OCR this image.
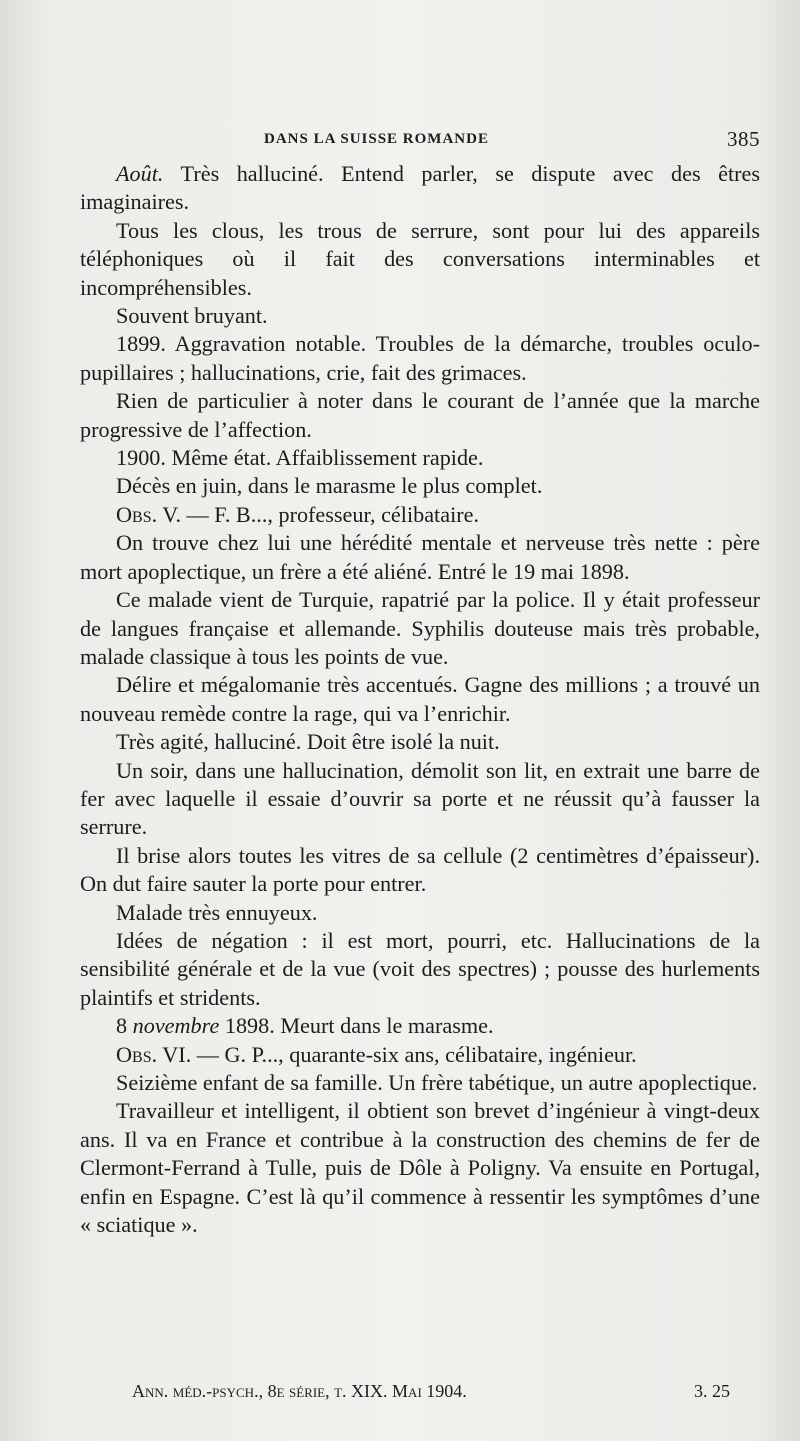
DANS LA SUISSE ROMANDE	385

Août. Très halluciné. Entend parler, se dispute avec des êtres imaginaires.

Tous les clous, les trous de serrure, sont pour lui des appareils téléphoniques où il fait des conversations interminables et incompréhensibles.

Souvent bruyant.

1899. Aggravation notable. Troubles de la démarche, troubles oculo-pupillaires ; hallucinations, crie, fait des grimaces.

Rien de particulier à noter dans le courant de l’année que la marche progressive de l’affection.

1900. Même état. Affaiblissement rapide.

Décès en juin, dans le marasme le plus complet.

Obs. V. — F. B..., professeur, célibataire.

On trouve chez lui une hérédité mentale et nerveuse très nette : père mort apoplectique, un frère a été aliéné. Entré le 19 mai 1898.

Ce malade vient de Turquie, rapatrié par la police. Il y était professeur de langues française et allemande. Syphilis douteuse mais très probable, malade classique à tous les points de vue.

Délire et mégalomanie très accentués. Gagne des millions ; a trouvé un nouveau remède contre la rage, qui va l’enrichir.

Très agité, halluciné. Doit être isolé la nuit.

Un soir, dans une hallucination, démolit son lit, en extrait une barre de fer avec laquelle il essaie d’ouvrir sa porte et ne réussit qu’à fausser la serrure.

Il brise alors toutes les vitres de sa cellule (2 centimètres d’épaisseur). On dut faire sauter la porte pour entrer.

Malade très ennuyeux.

Idées de négation : il est mort, pourri, etc. Hallucinations de la sensibilité générale et de la vue (voit des spectres) ; pousse des hurlements plaintifs et stridents.

8 novembre 1898. Meurt dans le marasme.

Obs. VI. — G. P..., quarante-six ans, célibataire, ingénieur.

Seizième enfant de sa famille. Un frère tabétique, un autre apoplectique.

Travailleur et intelligent, il obtient son brevet d’ingénieur à vingt-deux ans. Il va en France et contribue à la construction des chemins de fer de Clermont-Ferrand à Tulle, puis de Dôle à Poligny. Va ensuite en Portugal, enfin en Espagne. C’est là qu’il commence à ressentir les symptômes d’une « sciatique ».

Ann. méd.-psych., 8e série, t. XIX. Mai 1904.	3. 25
